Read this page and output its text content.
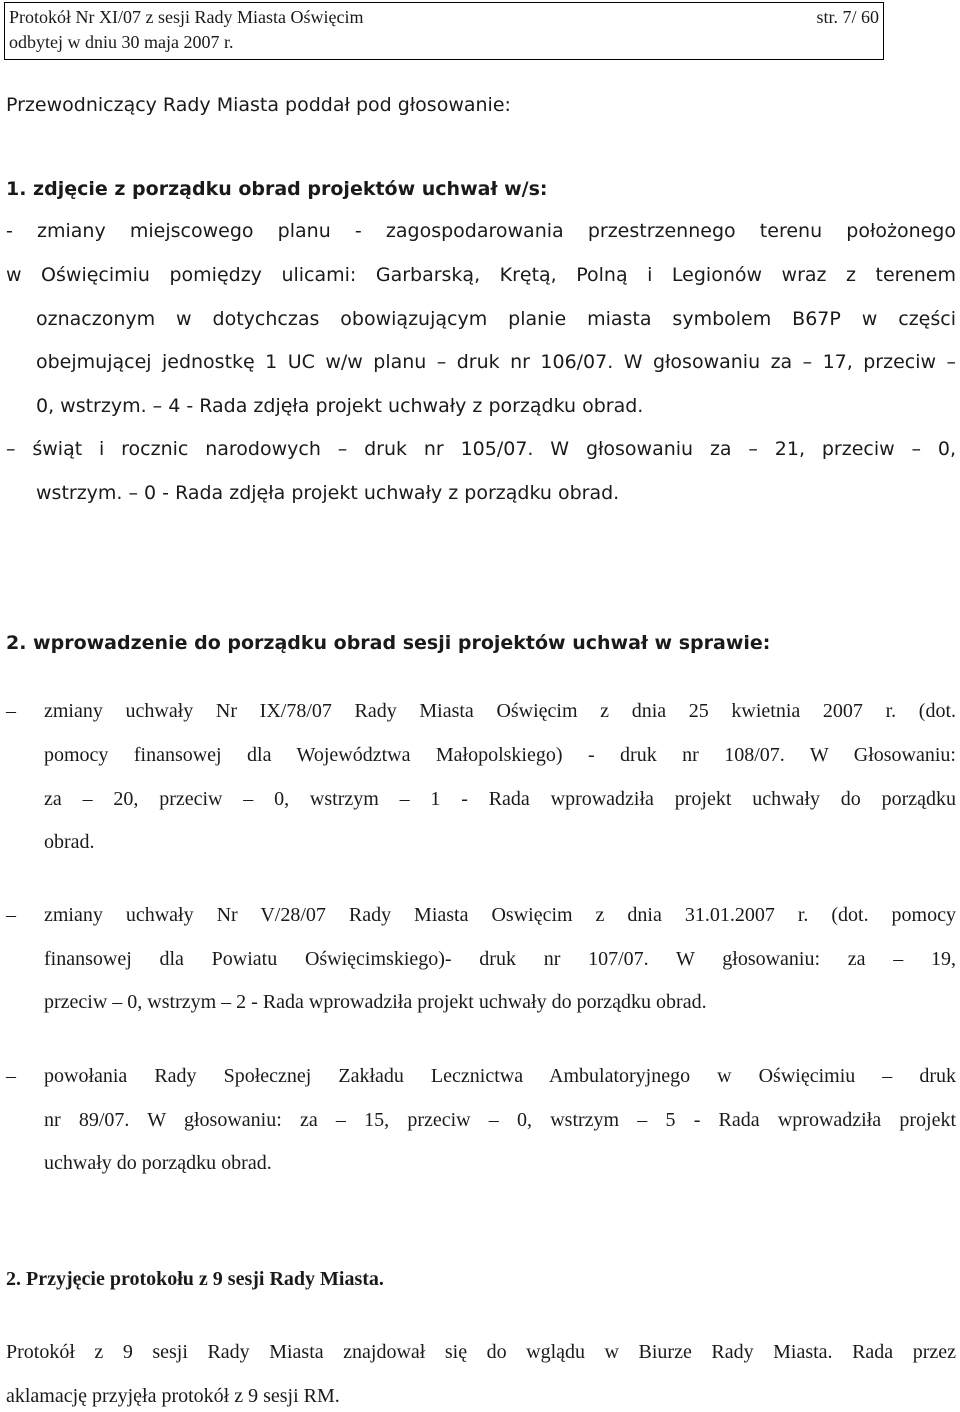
Protokół Nr XI/07 z sesji Rady Miasta Oświęcim
odbytej w dniu 30 maja 2007 r.
str. 7/ 60
Przewodniczący Rady Miasta poddał pod głosowanie:
1. zdjęcie z porządku obrad projektów uchwał w/s:
- zmiany miejscowego planu - zagospodarowania przestrzennego terenu położonego
w Oświęcimiu pomiędzy ulicami: Garbarską, Krętą, Polną i Legionów wraz z terenem
oznaczonym w dotychczas obowiązującym planie miasta symbolem B67P w części
obejmującej jednostkę 1 UC w/w planu – druk nr 106/07. W głosowaniu za – 17, przeciw –
0, wstrzym. – 4 - Rada zdjęła projekt uchwały z porządku obrad.
– świąt i rocznic narodowych – druk nr 105/07. W głosowaniu za – 21, przeciw – 0,
wstrzym. – 0 - Rada zdjęła projekt uchwały z porządku obrad.
2. wprowadzenie do porządku obrad sesji projektów uchwał w sprawie:
– zmiany uchwały Nr IX/78/07 Rady Miasta Oświęcim z dnia 25 kwietnia 2007 r. (dot.
pomocy finansowej dla Województwa Małopolskiego) - druk nr 108/07. W Głosowaniu:
za – 20, przeciw – 0, wstrzym – 1 - Rada wprowadziła projekt uchwały do porządku
obrad.
– zmiany uchwały Nr V/28/07 Rady Miasta Oswięcim z dnia 31.01.2007 r. (dot. pomocy
finansowej dla Powiatu Oświęcimskiego)- druk nr 107/07. W głosowaniu: za – 19,
przeciw – 0, wstrzym – 2 - Rada wprowadziła projekt uchwały do porządku obrad.
– powołania Rady Społecznej Zakładu Lecznictwa Ambulatoryjnego w Oświęcimiu – druk
nr 89/07. W głosowaniu: za – 15, przeciw – 0, wstrzym – 5 - Rada wprowadziła projekt
uchwały do porządku obrad.
2. Przyjęcie protokołu z 9 sesji Rady Miasta.
Protokół z 9 sesji Rady Miasta znajdował się do wglądu w Biurze Rady Miasta. Rada przez
aklamację przyjęła protokół z 9 sesji RM.
